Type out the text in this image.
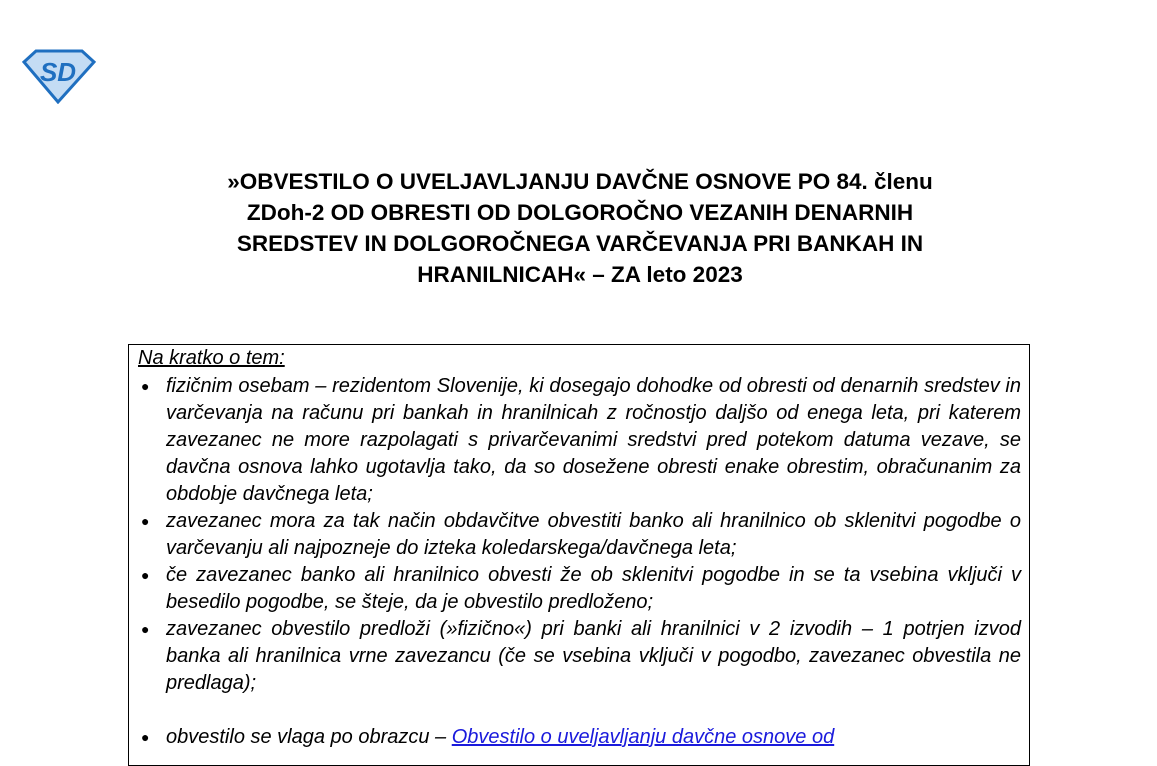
SD
»OBVESTILO O UVELJAVLJANJU DAVČNE OSNOVE PO 84. členu
ZDoh-2 OD OBRESTI OD DOLGOROČNO VEZANIH DENARNIH
SREDSTEV IN DOLGOROČNEGA VARČEVANJA PRI BANKAH IN
HRANILNICAH« – ZA leto 2023
Na kratko o tem:
● fizičnim osebam – rezidentom Slovenije, ki dosegajo dohodke od obresti od denarnih sredstev in varčevanja na računu pri bankah in hranilnicah z ročnostjo daljšo od enega leta, pri katerem zavezanec ne more razpolagati s privarčevanimi sredstvi pred potekom datuma vezave, se davčna osnova lahko ugotavlja tako, da so dosežene obresti enake obrestim, obračunanim za obdobje davčnega leta;
● zavezanec mora za tak način obdavčitve obvestiti banko ali hranilnico ob sklenitvi pogodbe o varčevanju ali najpozneje do izteka koledarskega/davčnega leta;
● če zavezanec banko ali hranilnico obvesti že ob sklenitvi pogodbe in se ta vsebina vključi v besedilo pogodbe, se šteje, da je obvestilo predloženo;
● zavezanec obvestilo predloži (»fizično«) pri banki ali hranilnici v 2 izvodih – 1 potrjen izvod banka ali hranilnica vrne zavezancu (če se vsebina vključi v pogodbo, zavezanec obvestila ne predlaga);
● obvestilo se vlaga po obrazcu – Obvestilo o uveljavljanju davčne osnove od
